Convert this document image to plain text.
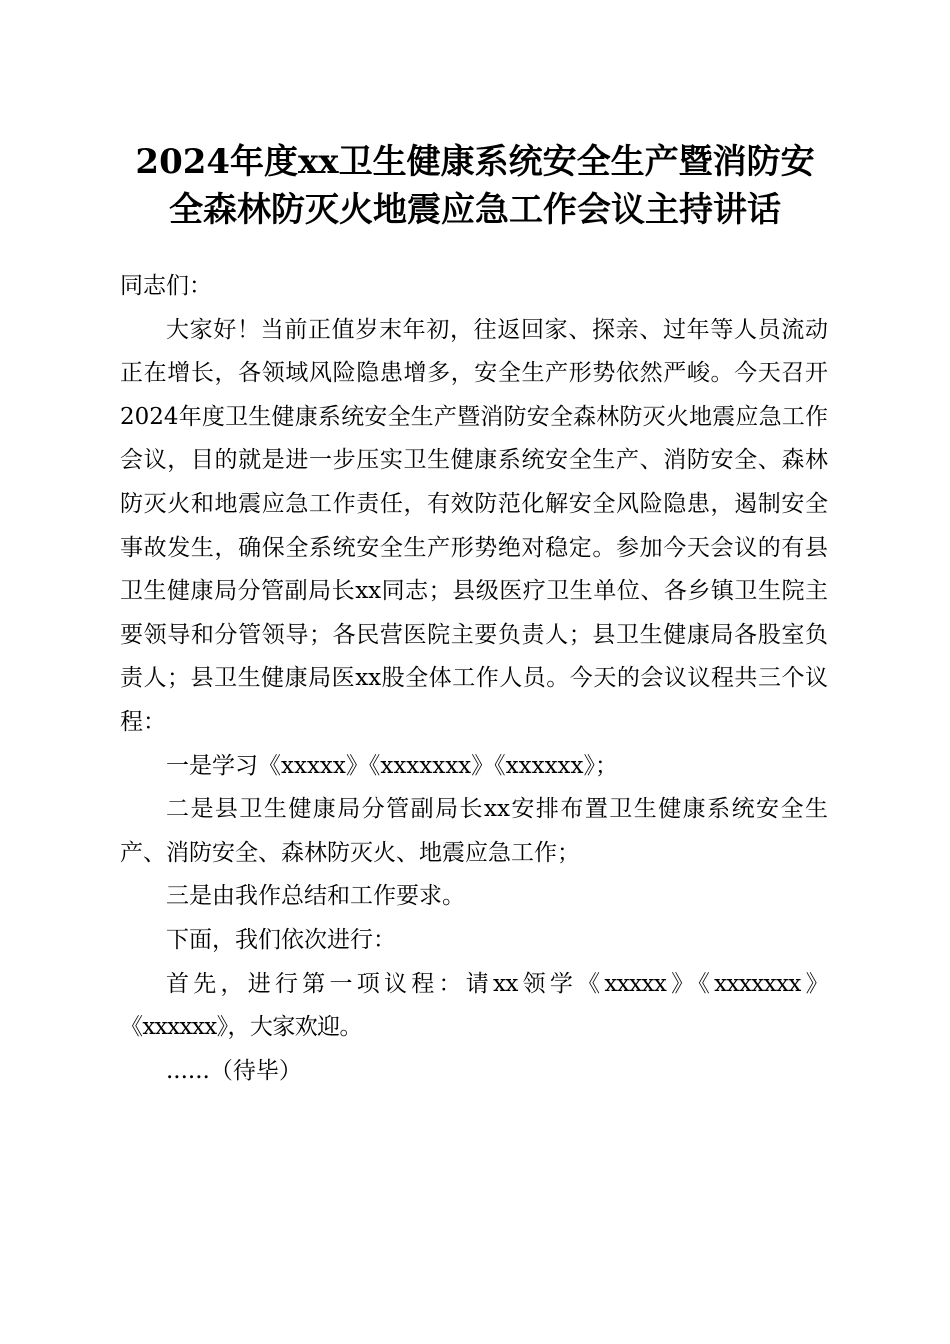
2024年度xx卫生健康系统安全生产暨消防安
全森林防灭火地震应急工作会议主持讲话

同志们：

大家好！当前正值岁末年初，往返回家、探亲、过年等人员流动正在增长，各领域风险隐患增多，安全生产形势依然严峻。今天召开2024年度卫生健康系统安全生产暨消防安全森林防灭火地震应急工作会议，目的就是进一步压实卫生健康系统安全生产、消防安全、森林防灭火和地震应急工作责任，有效防范化解安全风险隐患，遏制安全事故发生，确保全系统安全生产形势绝对稳定。参加今天会议的有县卫生健康局分管副局长xx同志；县级医疗卫生单位、各乡镇卫生院主要领导和分管领导；各民营医院主要负责人；县卫生健康局各股室负责人；县卫生健康局医xx股全体工作人员。今天的会议议程共三个议程：

一是学习《xxxxx》《xxxxxxx》《xxxxxx》；

二是县卫生健康局分管副局长xx安排布置卫生健康系统安全生产、消防安全、森林防灭火、地震应急工作；

三是由我作总结和工作要求。

下面，我们依次进行：

首先，进行第一项议程：请xx领学《xxxxx》《xxxxxxx》《xxxxxx》，大家欢迎。

......（待毕）
